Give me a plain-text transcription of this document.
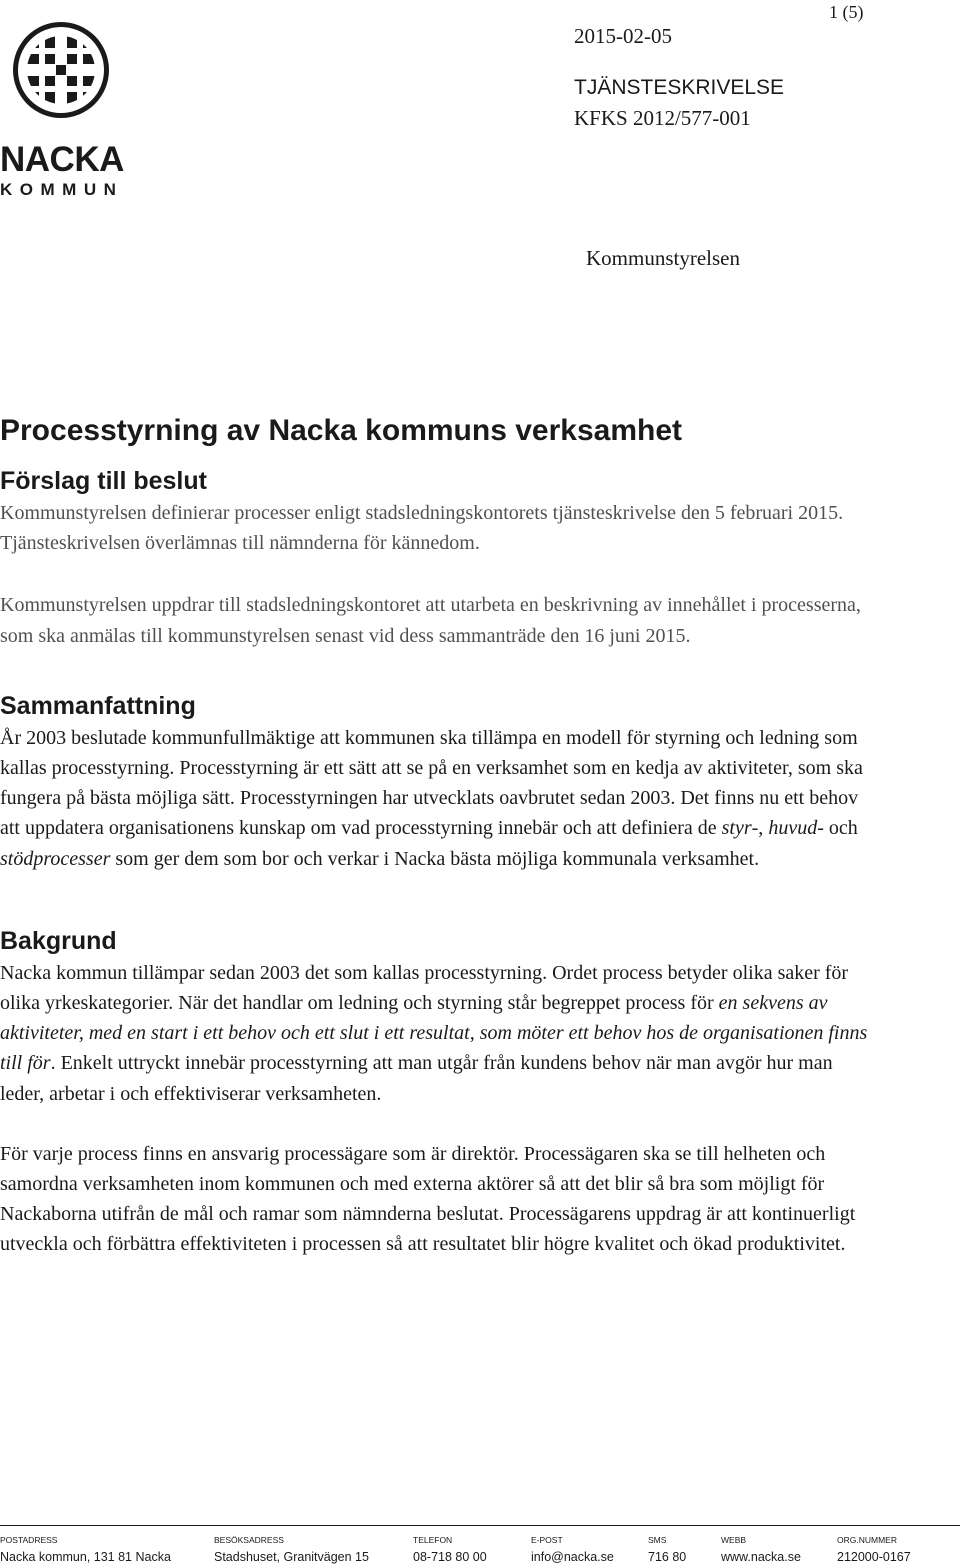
NACKA
KOMMUN
1 (5)
2015-02-05
TJÄNSTESKRIVELSE
KFKS 2012/577-001
Kommunstyrelsen
Processtyrning av Nacka kommuns verksamhet
Förslag till beslut

Kommunstyrelsen definierar processer enligt stadsledningskontorets tjänsteskrivelse den 5 februari 2015. Tjänsteskrivelsen överlämnas till nämnderna för kännedom.

Kommunstyrelsen uppdrar till stadsledningskontoret att utarbeta en beskrivning av innehållet i processerna, som ska anmälas till kommunstyrelsen senast vid dess sammanträde den 16 juni 2015.

Sammanfattning

År 2003 beslutade kommunfullmäktige att kommunen ska tillämpa en modell för styrning och ledning som kallas processtyrning. Processtyrning är ett sätt att se på en verksamhet som en kedja av aktiviteter, som ska fungera på bästa möjliga sätt. Processtyrningen har utvecklats oavbrutet sedan 2003. Det finns nu ett behov att uppdatera organisationens kunskap om vad processtyrning innebär och att definiera de styr-, huvud- och stödprocesser som ger dem som bor och verkar i Nacka bästa möjliga kommunala verksamhet.

Bakgrund

Nacka kommun tillämpar sedan 2003 det som kallas processtyrning. Ordet process betyder olika saker för olika yrkeskategorier. När det handlar om ledning och styrning står begreppet process för en sekvens av aktiviteter, med en start i ett behov och ett slut i ett resultat, som möter ett behov hos de organisationen finns till för. Enkelt uttryckt innebär processtyrning att man utgår från kundens behov när man avgör hur man leder, arbetar i och effektiviserar verksamheten.

För varje process finns en ansvarig processägare som är direktör. Processägaren ska se till helheten och samordna verksamheten inom kommunen och med externa aktörer så att det blir så bra som möjligt för Nackaborna utifrån de mål och ramar som nämnderna beslutat. Processägarens uppdrag är att kontinuerligt utveckla och förbättra effektiviteten i processen så att resultatet blir högre kvalitet och ökad produktivitet.

POSTADRESS
Nacka kommun, 131 81 Nacka
BESÖKSADRESS
Stadshuset, Granitvägen 15
TELEFON
08-718 80 00
E-POST
info@nacka.se
SMS
716 80
WEBB
www.nacka.se
ORG.NUMMER
212000-0167
